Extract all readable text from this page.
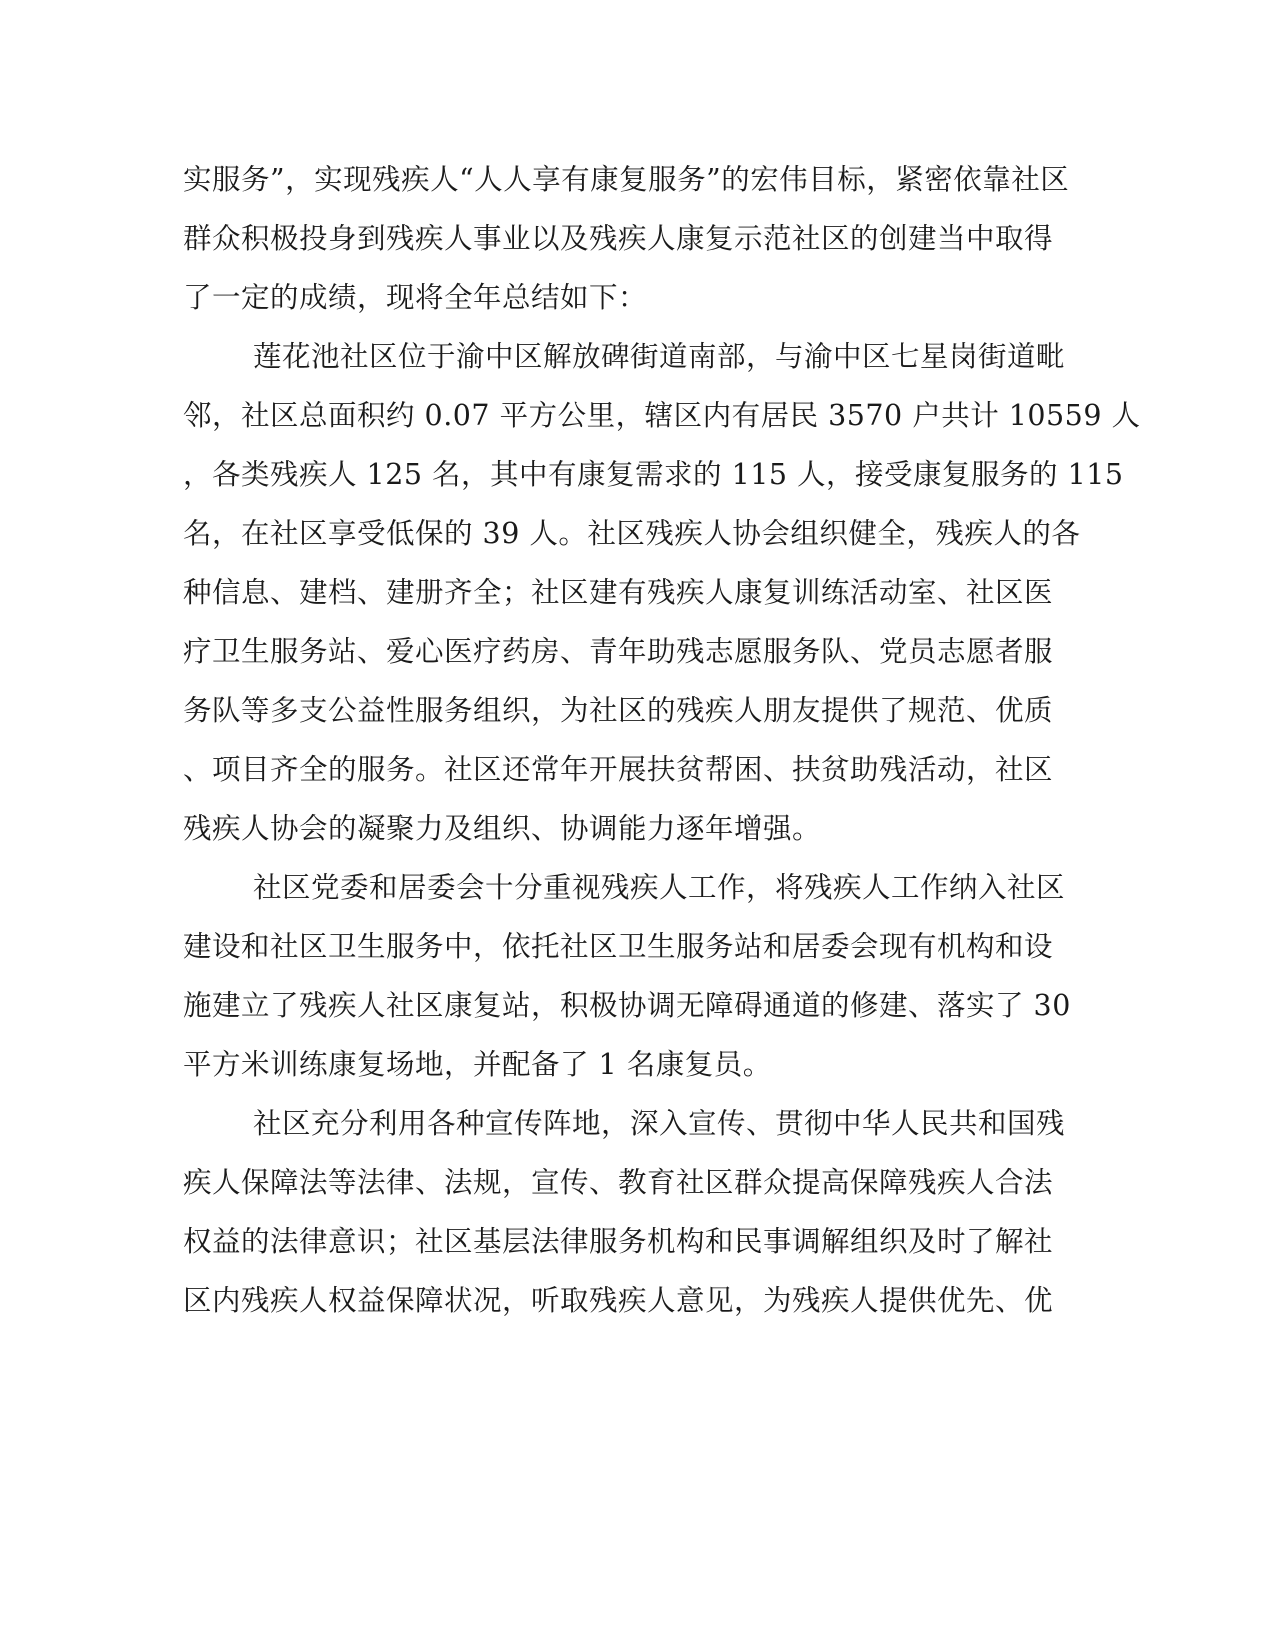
实服务”，实现残疾人“人人享有康复服务”的宏伟目标，紧密依靠社区
群众积极投身到残疾人事业以及残疾人康复示范社区的创建当中取得
了一定的成绩，现将全年总结如下：
莲花池社区位于渝中区解放碑街道南部，与渝中区七星岗街道毗
邻，社区总面积约 0.07 平方公里，辖区内有居民 3570 户共计 10559 人
，各类残疾人 125 名，其中有康复需求的 115 人，接受康复服务的 115
名，在社区享受低保的 39 人。社区残疾人协会组织健全，残疾人的各
种信息、建档、建册齐全；社区建有残疾人康复训练活动室、社区医
疗卫生服务站、爱心医疗药房、青年助残志愿服务队、党员志愿者服
务队等多支公益性服务组织，为社区的残疾人朋友提供了规范、优质
、项目齐全的服务。社区还常年开展扶贫帮困、扶贫助残活动，社区
残疾人协会的凝聚力及组织、协调能力逐年增强。
社区党委和居委会十分重视残疾人工作，将残疾人工作纳入社区
建设和社区卫生服务中，依托社区卫生服务站和居委会现有机构和设
施建立了残疾人社区康复站，积极协调无障碍通道的修建、落实了 30
平方米训练康复场地，并配备了 1 名康复员。
社区充分利用各种宣传阵地，深入宣传、贯彻中华人民共和国残
疾人保障法等法律、法规，宣传、教育社区群众提高保障残疾人合法
权益的法律意识；社区基层法律服务机构和民事调解组织及时了解社
区内残疾人权益保障状况，听取残疾人意见，为残疾人提供优先、优
